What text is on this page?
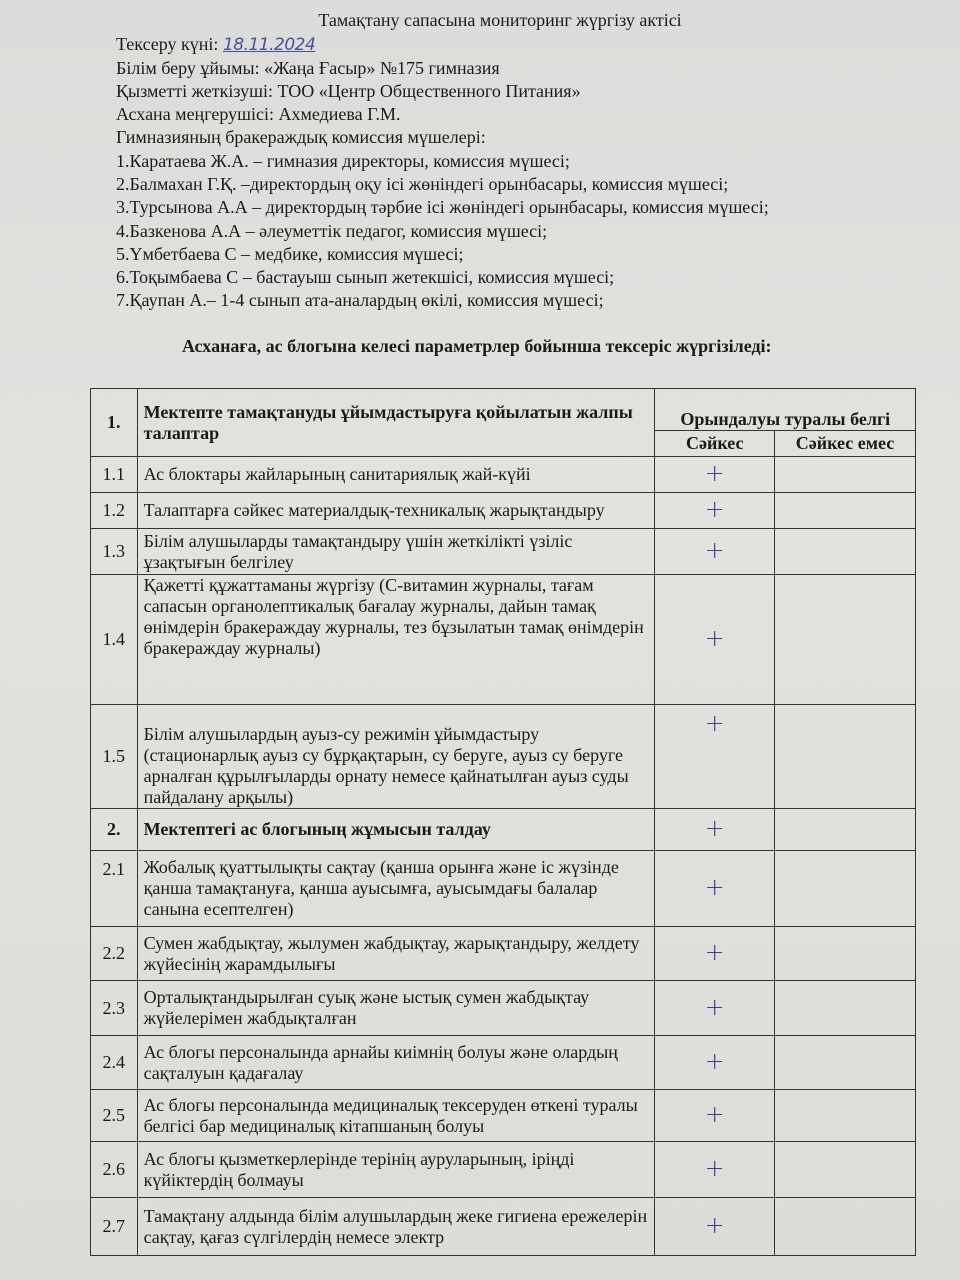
Тамақтану сапасына мониторинг жүргізу актісі
Тексеру күні: 18.11.2024
Білім беру ұйымы: «Жаңа Ғасыр» №175 гимназия
Қызметті жеткізуші: ТОО «Центр Общественного Питания»
Асхана меңгерушісі: Ахмедиева Г.М.
Гимназияның бракераждық комиссия мүшелері:
1.Каратаева Ж.А. – гимназия директоры, комиссия мүшесі;
2.Балмахан Г.Қ. –директордың оқу ісі жөніндегі орынбасары, комиссия мүшесі;
3.Турсынова А.А – директордың тәрбие ісі жөніндегі орынбасары, комиссия мүшесі;
4.Базкенова А.А – әлеуметтік педагог, комиссия мүшесі;
5.Үмбетбаева С – медбике, комиссия мүшесі;
6.Тоқымбаева С – бастауыш сынып жетекшісі, комиссия мүшесі;
7.Қаупан А.– 1-4 сынып ата-аналардың өкілі, комиссия мүшесі;
Асханаға, ас блогына келесі параметрлер бойынша тексеріс жүргізіледі:
1.	Мектепте тамақтануды ұйымдастыруға қойылатын жалпы талаптар	Орындалуы туралы белгі	
		Сәйкес	Сәйкес емес
1.1	Ас блоктары жайларының санитариялық жай-күйі	+	
1.2	Талаптарға сәйкес материалдық-техникалық жарықтандыру	+	
1.3	Білім алушыларды тамақтандыру үшін жеткілікті үзіліс ұзақтығын белгілеу	+	
1.4	Қажетті құжаттаманы жүргізу (С-витамин журналы, тағам сапасын органолептикалық бағалау журналы, дайын тамақ өнімдерін бракераждау журналы, тез бұзылатын тамақ өнімдерін бракераждау журналы)	+	
1.5	Білім алушылардың ауыз-су режимін ұйымдастыру (стационарлық ауыз су бұрқақтарын, су беруге, ауыз су беруге арналған құрылғыларды орнату немесе қайнатылған ауыз суды пайдалану арқылы)	+	
2.	Мектептегі ас блогының жұмысын талдау	+	
2.1	Жобалық қуаттылықты сақтау (қанша орынға және іс жүзінде қанша тамақтануға, қанша ауысымға, ауысымдағы балалар санына есептелген)	+	
2.2	Сумен жабдықтау, жылумен жабдықтау, жарықтандыру, желдету жүйесінің жарамдылығы	+	
2.3	Орталықтандырылған суық және ыстық сумен жабдықтау жүйелерімен жабдықталған	+	
2.4	Ас блогы персоналында арнайы киімнің болуы және олардың сақталуын қадағалау	+	
2.5	Ас блогы персоналында медициналық тексеруден өткені туралы белгісі бар медициналық кітапшаның болуы	+	
2.6	Ас блогы қызметкерлерінде терінің ауруларының, іріңді күйіктердің болмауы	+	
2.7	Тамақтану алдында білім алушылардың жеке гигиена ережелерін сақтау, қағаз сүлгілердің немесе электр	+	
